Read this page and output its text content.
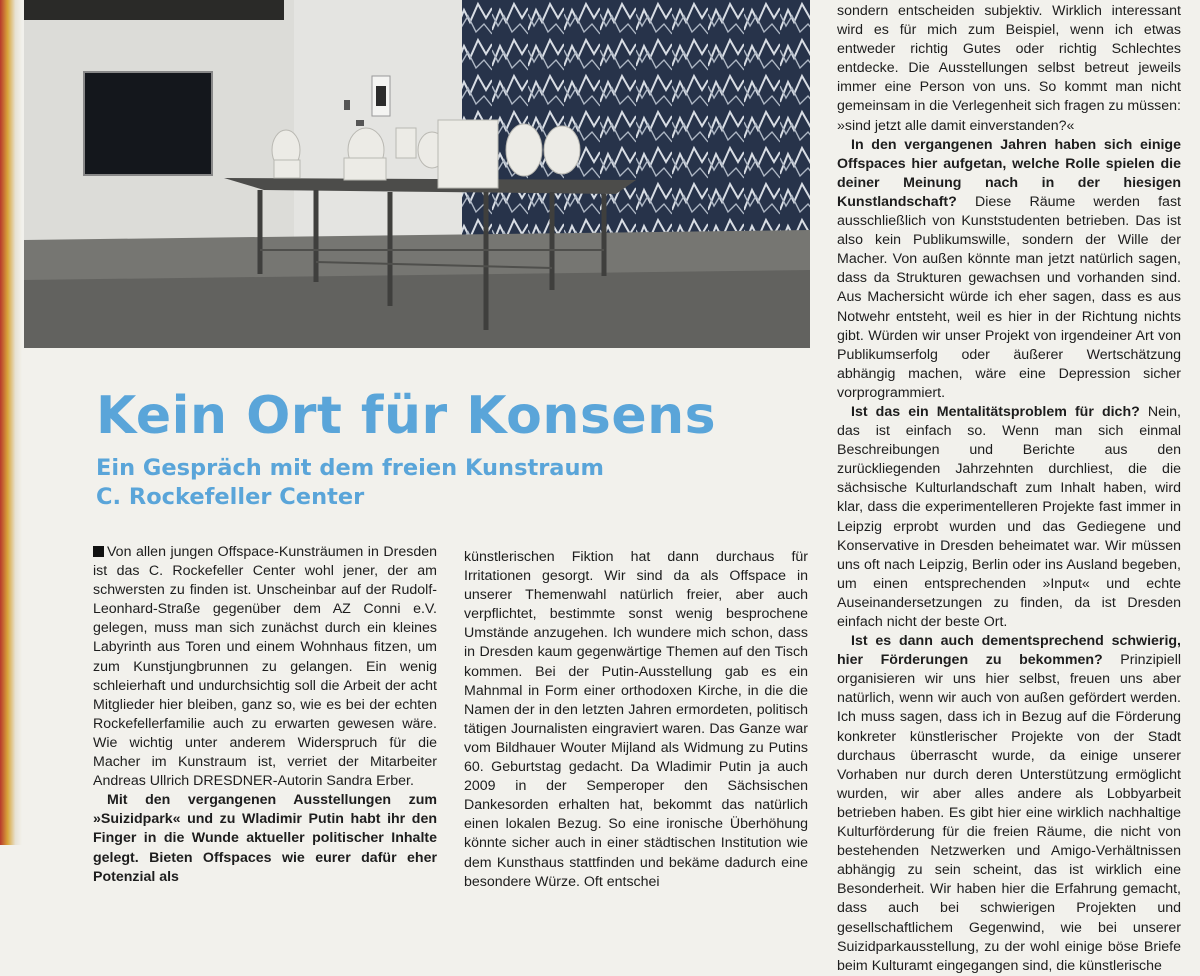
sondern entscheiden subjektiv. Wirklich interessant wird es für mich zum Beispiel, wenn ich etwas entweder richtig Gutes oder richtig Schlechtes entdecke. Die Ausstellungen selbst betreut jeweils immer eine Person von uns. So kommt man nicht gemeinsam in die Verlegenheit sich fragen zu müssen: »sind jetzt alle damit einverstanden?«

In den vergangenen Jahren haben sich einige Offspaces hier aufgetan, welche Rolle spielen die deiner Meinung nach in der hiesigen Kunstlandschaft? Diese Räume werden fast ausschließlich von Kunststudenten betrieben. Das ist also kein Publikumswille, sondern der Wille der Macher. Von außen könnte man jetzt natürlich sagen, dass da Strukturen gewachsen und vorhanden sind. Aus Machersicht würde ich eher sagen, dass es aus Notwehr entsteht, weil es hier in der Richtung nichts gibt. Würden wir unser Projekt von irgendeiner Art von Publikumserfolg oder äußerer Wertschätzung abhängig machen, wäre eine Depression sicher vorprogrammiert.

Ist das ein Mentalitätsproblem für dich? Nein, das ist einfach so. Wenn man sich einmal Beschreibungen und Berichte aus den zurückliegenden Jahrzehnten durchliest, die die sächsische Kulturlandschaft zum Inhalt haben, wird klar, dass die experimentelleren Projekte fast immer in Leipzig erprobt wurden und das Gediegene und Konservative in Dresden beheimatet war. Wir müssen uns oft nach Leipzig, Berlin oder ins Ausland begeben, um einen entsprechenden »Input« und echte Auseinandersetzungen zu finden, da ist Dresden einfach nicht der beste Ort.

Ist es dann auch dementsprechend schwierig, hier Förderungen zu bekommen? Prinzipiell organisieren wir uns hier selbst, freuen uns aber natürlich, wenn wir auch von außen gefördert werden. Ich muss sagen, dass ich in Bezug auf die Förderung konkreter künstlerischer Projekte von der Stadt durchaus überrascht wurde, da einige unserer Vorhaben nur durch deren Unterstützung ermöglicht wurden, wir aber alles andere als Lobbyarbeit betrieben haben. Es gibt hier eine wirklich nachhaltige Kulturförderung für die freien Räume, die nicht von bestehenden Netzwerken und Amigo-Verhältnissen abhängig zu sein scheint, das ist wirklich eine Besonderheit. Wir haben hier die Erfahrung gemacht, dass auch bei schwierigen Projekten und gesellschaftlichem Gegenwind, wie bei unserer Suizidparkausstellung, zu der wohl einige böse Briefe beim Kulturamt eingegangen sind, die künstlerische

Kein Ort für Konsens
Ein Gespräch mit dem freien Kunstraum
C. Rockefeller Center

Von allen jungen Offspace-Kunsträumen in Dresden ist das C. Rockefeller Center wohl jener, der am schwersten zu finden ist. Unscheinbar auf der Rudolf-Leonhard-Straße gegenüber dem AZ Conni e.V. gelegen, muss man sich zunächst durch ein kleines Labyrinth aus Toren und einem Wohnhaus fitzen, um zum Kunstjungbrunnen zu gelangen. Ein wenig schleierhaft und undurchsichtig soll die Arbeit der acht Mitglieder hier bleiben, ganz so, wie es bei der echten Rockefellerfamilie auch zu erwarten gewesen wäre. Wie wichtig unter anderem Widerspruch für die Macher im Kunstraum ist, verriet der Mitarbeiter Andreas Ullrich DRESDNER-Autorin Sandra Erber.

Mit den vergangenen Ausstellungen zum »Suizidpark« und zu Wladimir Putin habt ihr den Finger in die Wunde aktueller politischer Inhalte gelegt. Bieten Offspaces wie eurer dafür eher Potenzial als

künstlerischen Fiktion hat dann durchaus für Irritationen gesorgt. Wir sind da als Offspace in unserer Themenwahl natürlich freier, aber auch verpflichtet, bestimmte sonst wenig besprochene Umstände anzugehen. Ich wundere mich schon, dass in Dresden kaum gegenwärtige Themen auf den Tisch kommen. Bei der Putin-Ausstellung gab es ein Mahnmal in Form einer orthodoxen Kirche, in die die Namen der in den letzten Jahren ermordeten, politisch tätigen Journalisten eingraviert waren. Das Ganze war vom Bildhauer Wouter Mijland als Widmung zu Putins 60. Geburtstag gedacht. Da Wladimir Putin ja auch 2009 in der Semperoper den Sächsischen Dankesorden erhalten hat, bekommt das natürlich einen lokalen Bezug. So eine ironische Überhöhung könnte sicher auch in einer städtischen Institution wie dem Kunsthaus stattfinden und bekäme dadurch eine besondere Würze. Oft entschei
